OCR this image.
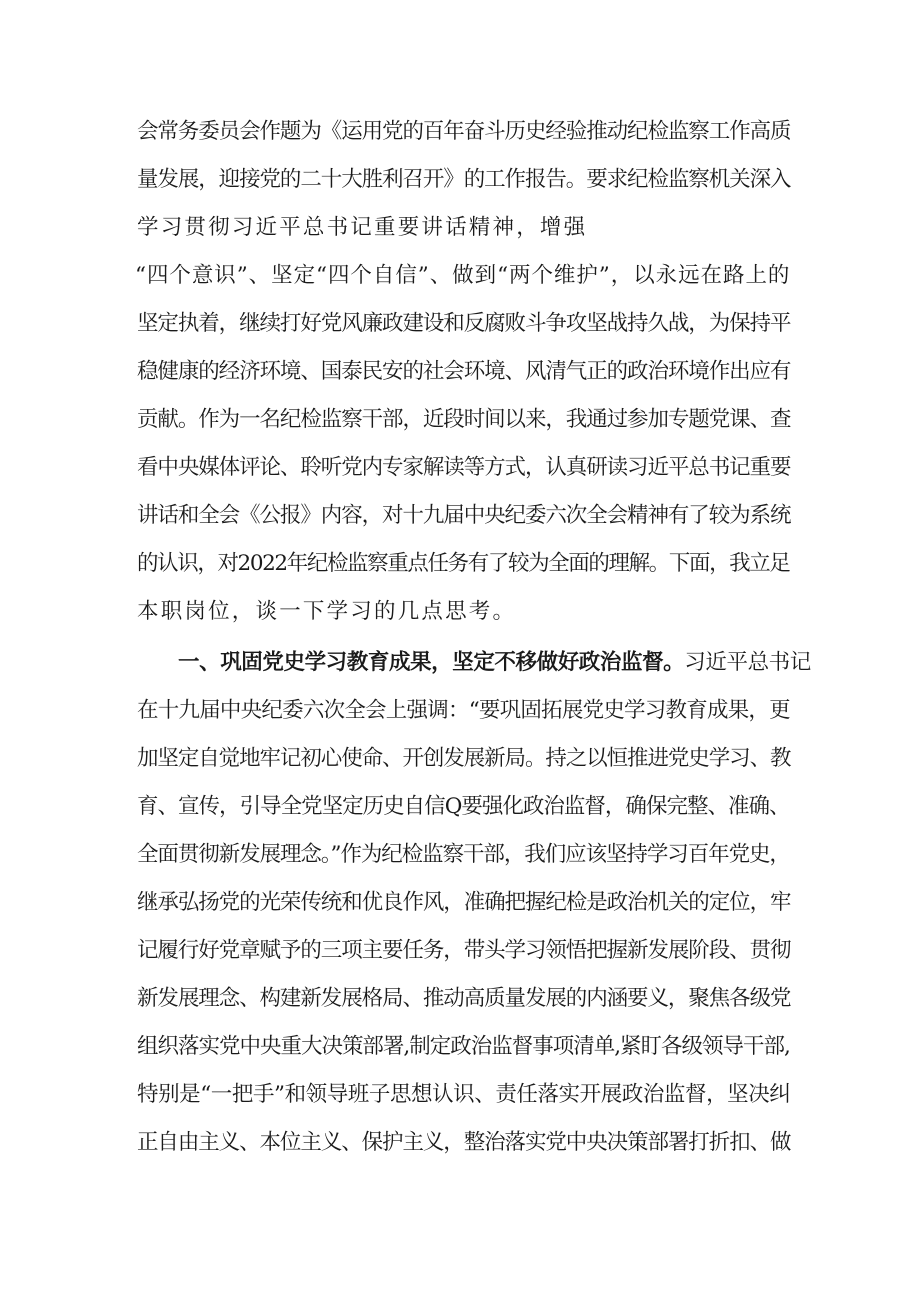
会常务委员会作题为《运用党的百年奋斗历史经验推动纪检监察工作高质
量发展，迎接党的二十大胜利召开》的工作报告。要求纪检监察机关深入
学习贯彻习近平总书记重要讲话精神，增强
“四个意识”、坚定“四个自信”、做到“两个维护”，以永远在路上的
坚定执着，继续打好党风廉政建设和反腐败斗争攻坚战持久战，为保持平
稳健康的经济环境、国泰民安的社会环境、风清气正的政治环境作出应有
贡献。作为一名纪检监察干部，近段时间以来，我通过参加专题党课、查
看中央媒体评论、聆听党内专家解读等方式，认真研读习近平总书记重要
讲话和全会《公报》内容，对十九届中央纪委六次全会精神有了较为系统
的认识，对2022年纪检监察重点任务有了较为全面的理解。下面，我立足
本职岗位，谈一下学习的几点思考。
一、巩固党史学习教育成果，坚定不移做好政治监督。习近平总书记
在十九届中央纪委六次全会上强调：“要巩固拓展党史学习教育成果，更
加坚定自觉地牢记初心使命、开创发展新局。持之以恒推进党史学习、教
育、宣传，引导全党坚定历史自信Q要强化政治监督，确保完整、准确、
全面贯彻新发展理念。”作为纪检监察干部，我们应该坚持学习百年党史，
继承弘扬党的光荣传统和优良作风，准确把握纪检是政治机关的定位，牢
记履行好党章赋予的三项主要任务，带头学习领悟把握新发展阶段、贯彻
新发展理念、构建新发展格局、推动高质量发展的内涵要义，聚焦各级党
组织落实党中央重大决策部署,制定政治监督事项清单,紧盯各级领导干部,
特别是“一把手”和领导班子思想认识、责任落实开展政治监督，坚决纠
正自由主义、本位主义、保护主义，整治落实党中央决策部署打折扣、做
